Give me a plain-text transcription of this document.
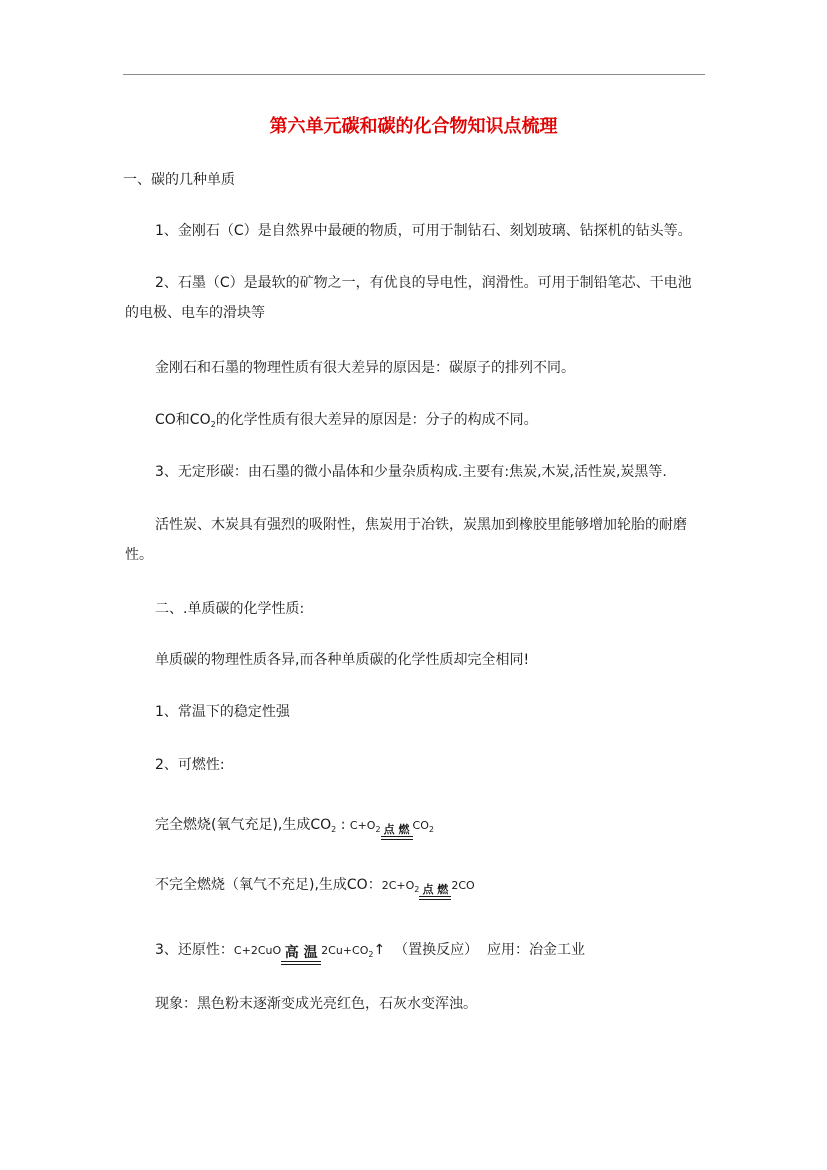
第六单元碳和碳的化合物知识点梳理
一、碳的几种单质
1、金刚石（C）是自然界中最硬的物质，可用于制钻石、刻划玻璃、钻探机的钻头等。
2、石墨（C）是最软的矿物之一，有优良的导电性，润滑性。可用于制铅笔芯、干电池
的电极、电车的滑块等
金刚石和石墨的物理性质有很大差异的原因是：碳原子的排列不同。
CO和$CO_2$的化学性质有很大差异的原因是：分子的构成不同。
3、无定形碳：由石墨的微小晶体和少量杂质构成.主要有:焦炭,木炭,活性炭,炭黑等.
活性炭、木炭具有强烈的吸附性，焦炭用于冶铁，炭黑加到橡胶里能够增加轮胎的耐磨
性。
二、.单质碳的化学性质:
单质碳的物理性质各异,而各种单质碳的化学性质却完全相同!
1、常温下的稳定性强
2、可燃性:
完全燃烧(氧气充足),生成$CO_2$ : $C+O_2$ 点 燃 $CO_2$
不完全燃烧（氧气不充足),生成CO：$2C+O_2$ 点 燃 2CO
3、还原性：C+2CuO 高 温 $2Cu+CO_2↑$ （置换反应） 应用：冶金工业
现象：黑色粉末逐渐变成光亮红色，石灰水变浑浊。
